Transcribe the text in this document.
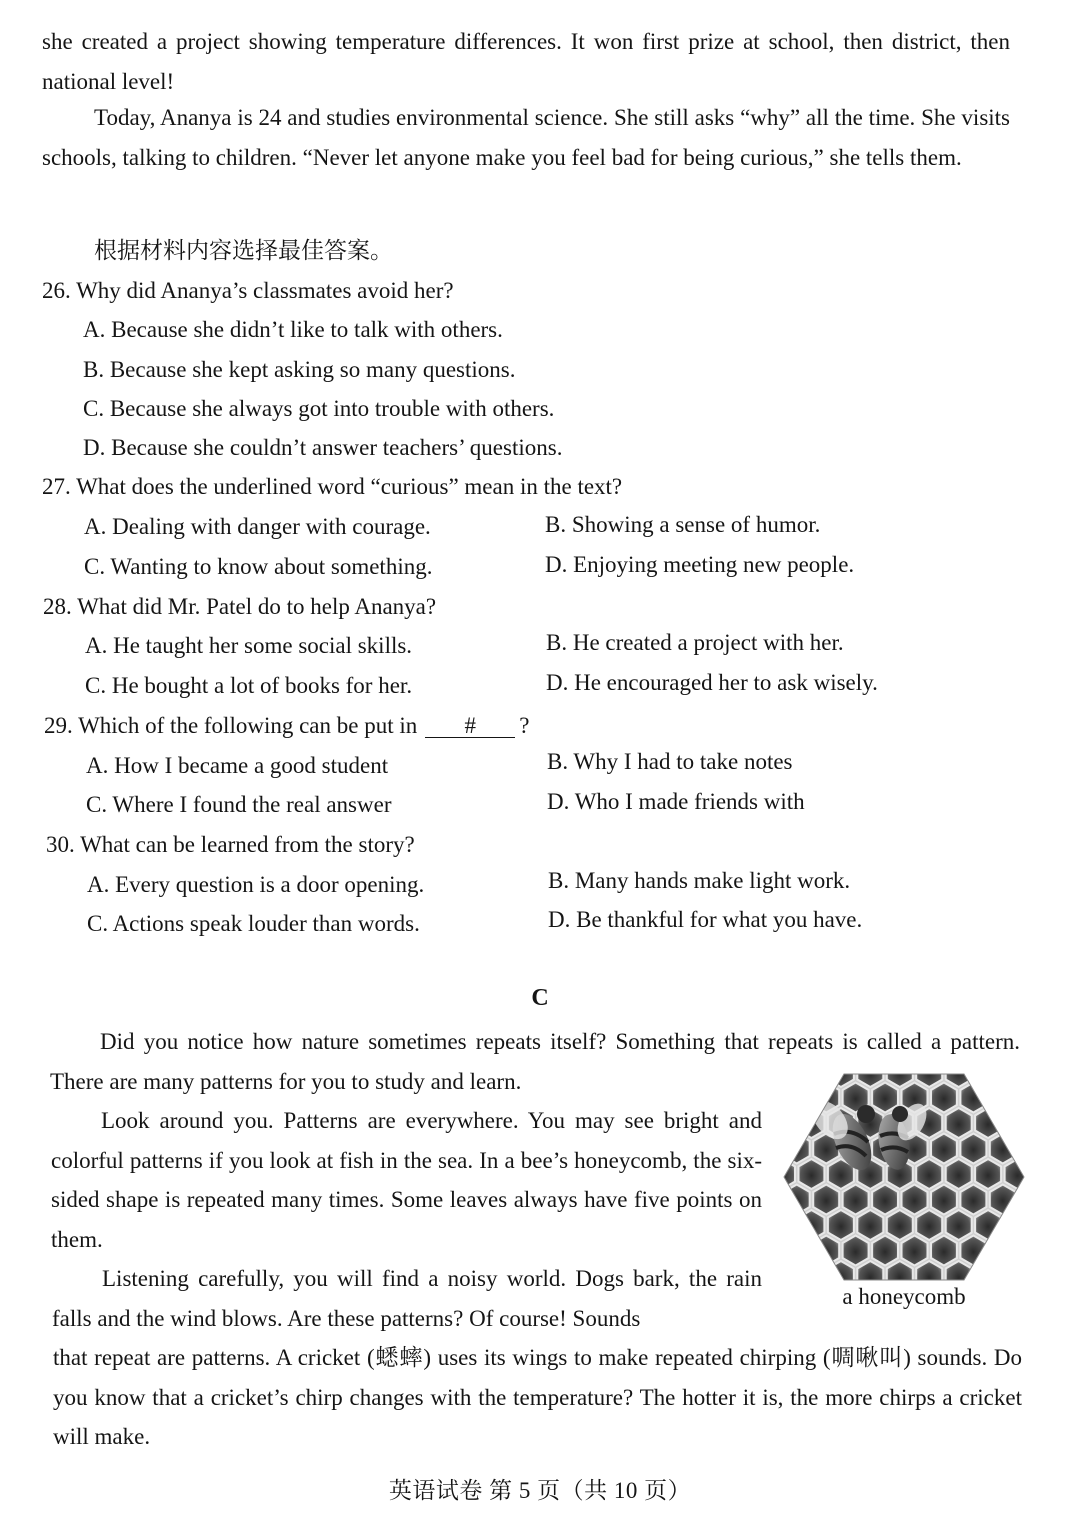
she created a project showing temperature differences. It won first prize at school, then district, then national level!

Today, Ananya is 24 and studies environmental science. She still asks “why” all the time. She visits schools, talking to children. “Never let anyone make you feel bad for being curious,” she tells them.

根据材料内容选择最佳答案。

26. Why did Ananya’s classmates avoid her?

A. Because she didn’t like to talk with others.

B. Because she kept asking so many questions.

C. Because she always got into trouble with others.

D. Because she couldn’t answer teachers’ questions.

27. What does the underlined word “curious” mean in the text?

A. Dealing with danger with courage.	B. Showing a sense of humor.

C. Wanting to know about something.	D. Enjoying meeting new people.

28. What did Mr. Patel do to help Ananya?

A. He taught her some social skills.	B. He created a project with her.

C. He bought a lot of books for her.	D. He encouraged her to ask wisely.

29. Which of the following can be put in # ?

A. How I became a good student	B. Why I had to take notes

C. Where I found the real answer	D. Who I made friends with

30. What can be learned from the story?

A. Every question is a door opening.	B. Many hands make light work.

C. Actions speak louder than words.	D. Be thankful for what you have.

C

Did you notice how nature sometimes repeats itself? Something that repeats is called a pattern. There are many patterns for you to study and learn.

Look around you. Patterns are everywhere. You may see bright and colorful patterns if you look at fish in the sea. In a bee’s honeycomb, the six-sided shape is repeated many times. Some leaves always have five points on them.

Listening carefully, you will find a noisy world. Dogs bark, the rain falls and the wind blows. Are these patterns? Of course! Sounds

that repeat are patterns. A cricket (蟋蟀) uses its wings to make repeated chirping (啁啾叫) sounds. Do you know that a cricket’s chirp changes with the temperature? The hotter it is, the more chirps a cricket will make.

a honeycomb
英语试卷 第 5 页（共 10 页）
